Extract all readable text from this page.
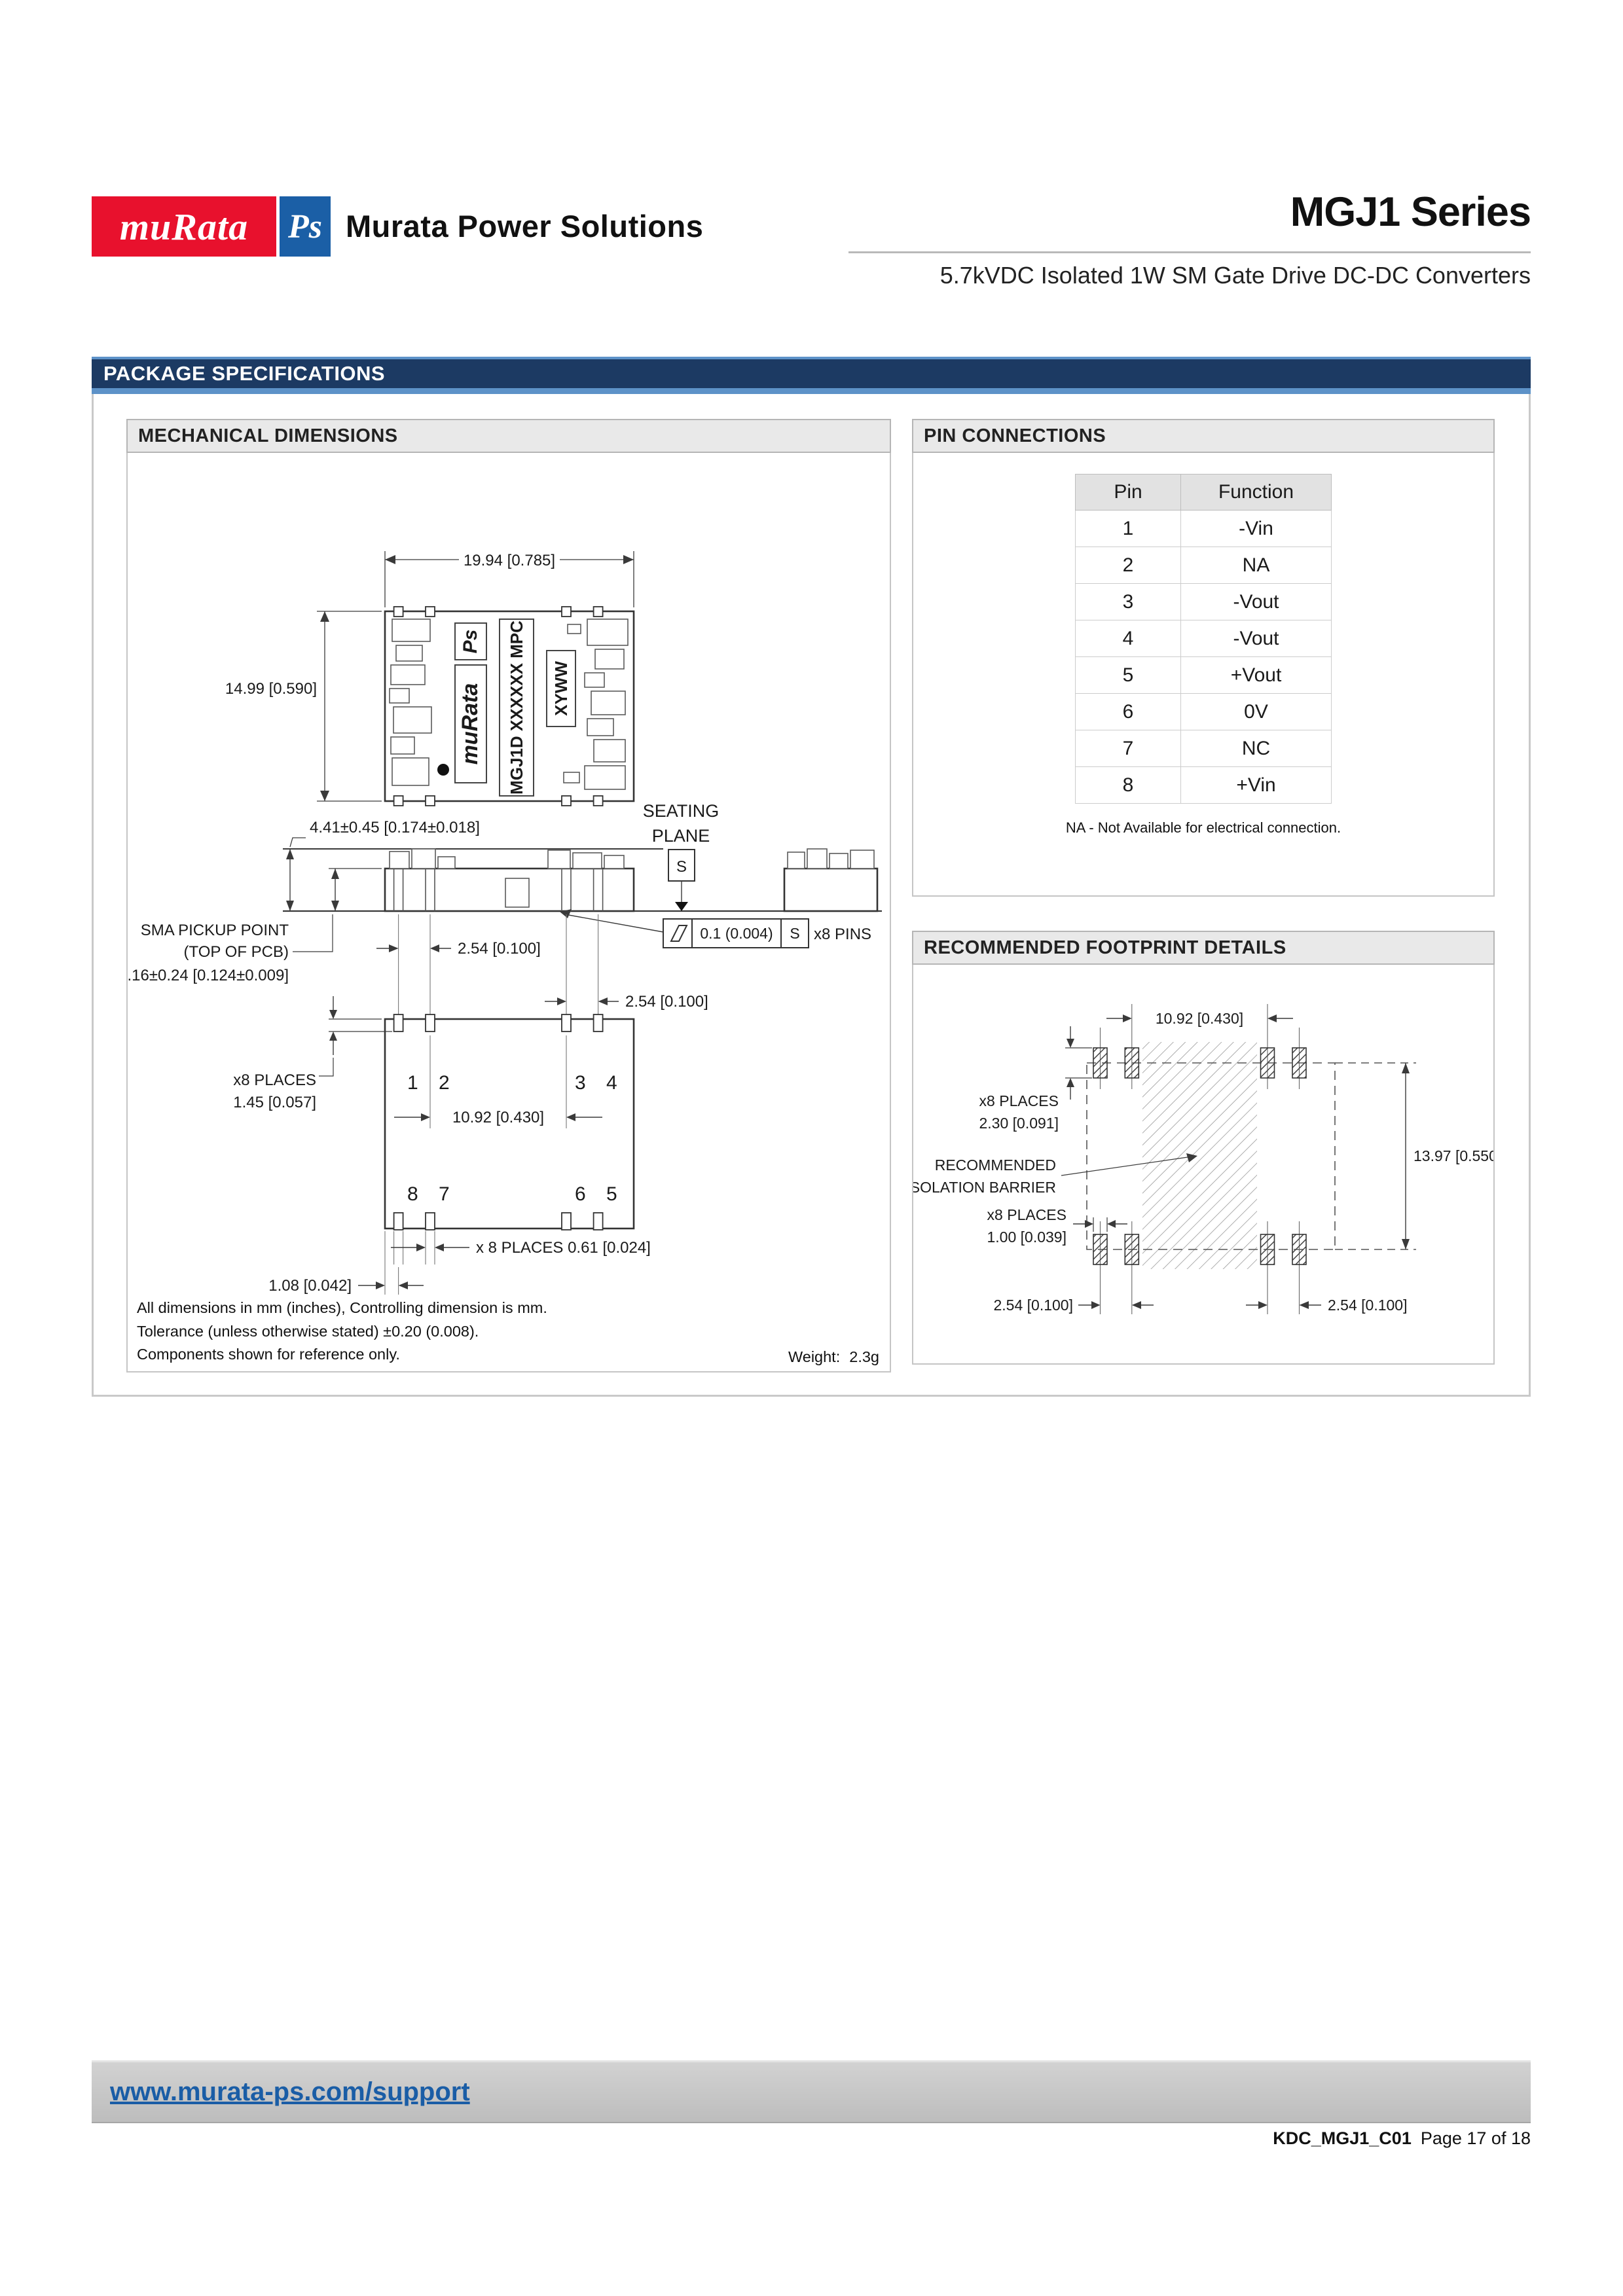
muRata Ps Murata Power Solutions	MGJ1 Series
5.7kVDC Isolated 1W SM Gate Drive DC-DC Converters
PACKAGE SPECIFICATIONS
MECHANICAL DIMENSIONS
19.94 [0.785]
14.99 [0.590]
Ps
muRata MGJ1D XXXXXX MPC XYWW
4.41±0.45 [0.174±0.018]
SMA PICKUP POINT
(TOP OF PCB)
3.16±0.24 [0.124±0.009]
SEATING
PLANE
S
0.1 (0.004) S x8 PINS
2.54 [0.100]
2.54 [0.100]
1 2	3 4
8 7	6 5
10.92 [0.430]
x8 PLACES
1.45 [0.057]
x 8 PLACES 0.61 [0.024]
1.08 [0.042]
All dimensions in mm (inches), Controlling dimension is mm.
Tolerance (unless otherwise stated) ±0.20 (0.008).
Components shown for reference only.	Weight: 2.3g
PIN CONNECTIONS
Pin	Function
1	-Vin
2	NA
3	-Vout
4	-Vout
5	+Vout
6	0V
7	NC
8	+Vin
NA - Not Available for electrical connection.
RECOMMENDED FOOTPRINT DETAILS
10.92 [0.430]
x8 PLACES
2.30 [0.091]
RECOMMENDED
ISOLATION BARRIER
x8 PLACES
1.00 [0.039]
13.97 [0.550]
2.54 [0.100]	2.54 [0.100]
www.murata-ps.com/support
KDC_MGJ1_C01 Page 17 of 18
